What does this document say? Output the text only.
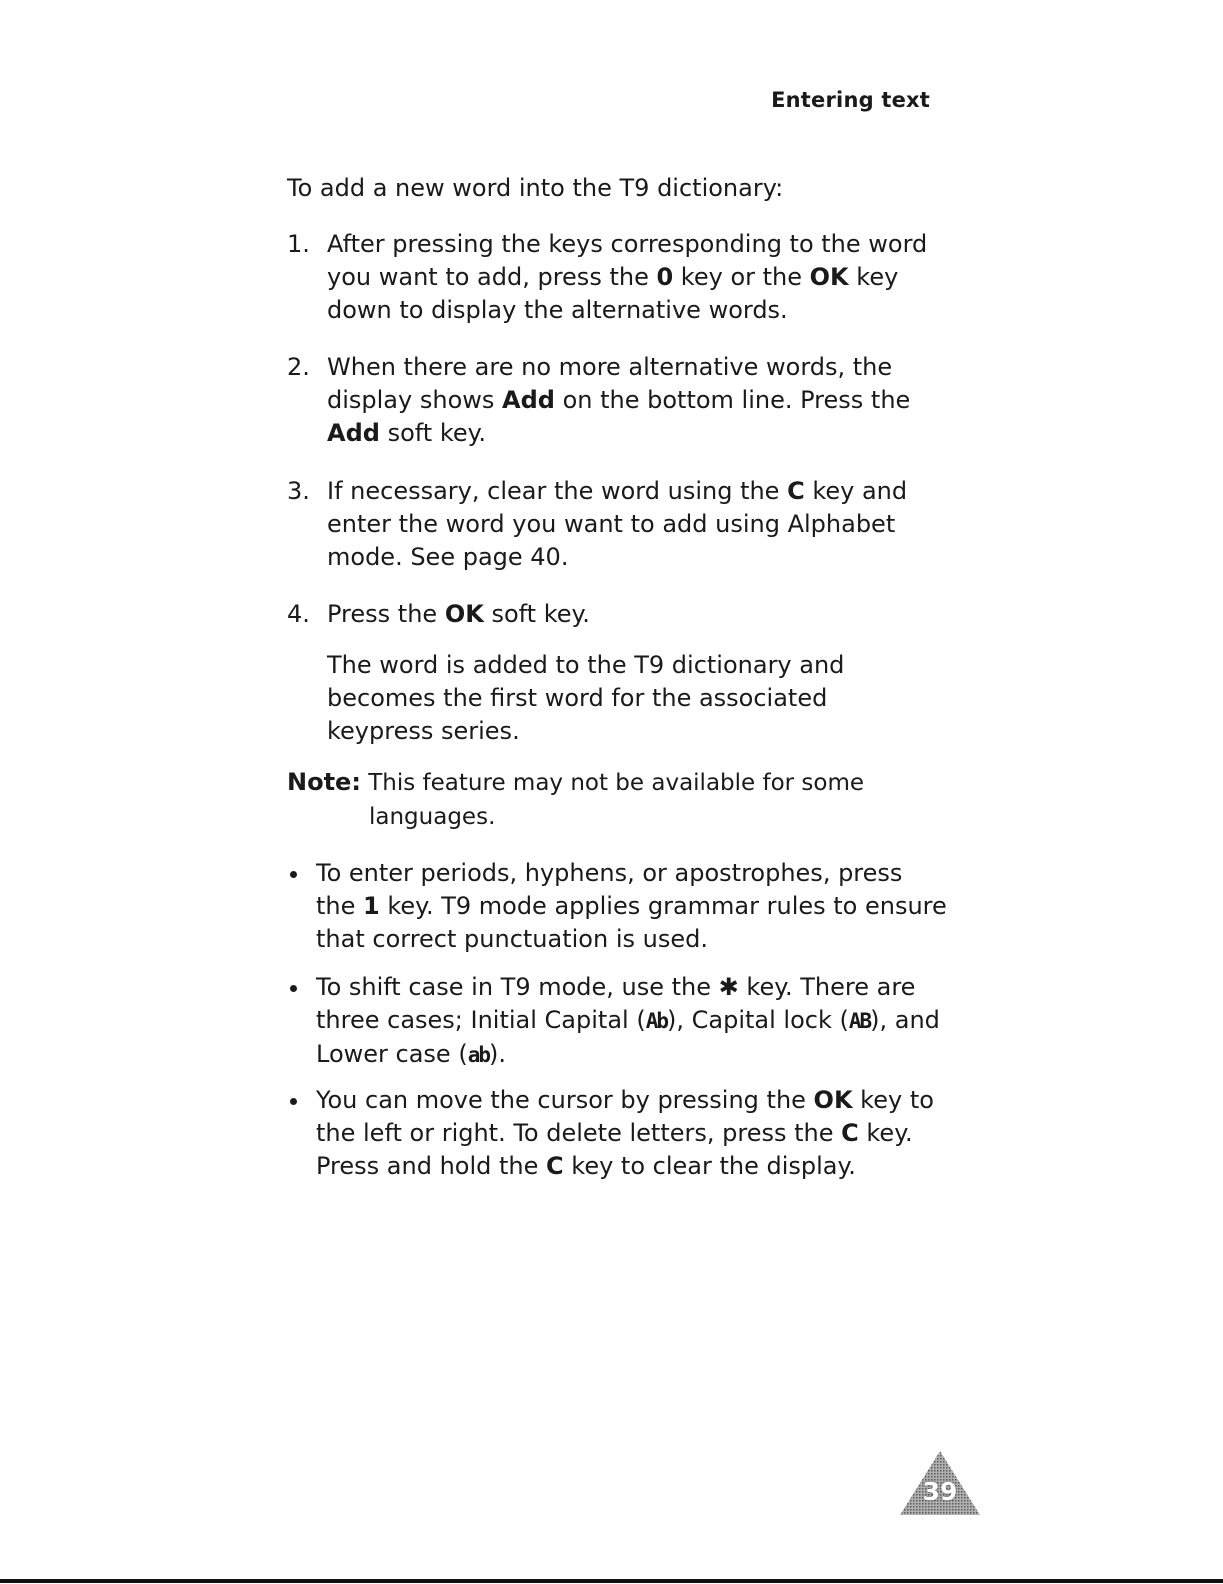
Entering text
To add a new word into the T9 dictionary:
1. After pressing the keys corresponding to the word you want to add, press the 0 key or the OK key down to display the alternative words.
2. When there are no more alternative words, the display shows Add on the bottom line. Press the Add soft key.
3. If necessary, clear the word using the C key and enter the word you want to add using Alphabet mode. See page 40.
4. Press the OK soft key.
The word is added to the T9 dictionary and becomes the first word for the associated keypress series.
Note: This feature may not be available for some
languages.
To enter periods, hyphens, or apostrophes, press the 1 key. T9 mode applies grammar rules to ensure that correct punctuation is used.
To shift case in T9 mode, use the ✱ key. There are three cases; Initial Capital (Ab), Capital lock (AB), and Lower case (ab).
You can move the cursor by pressing the OK key to the left or right. To delete letters, press the C key. Press and hold the C key to clear the display.
39
